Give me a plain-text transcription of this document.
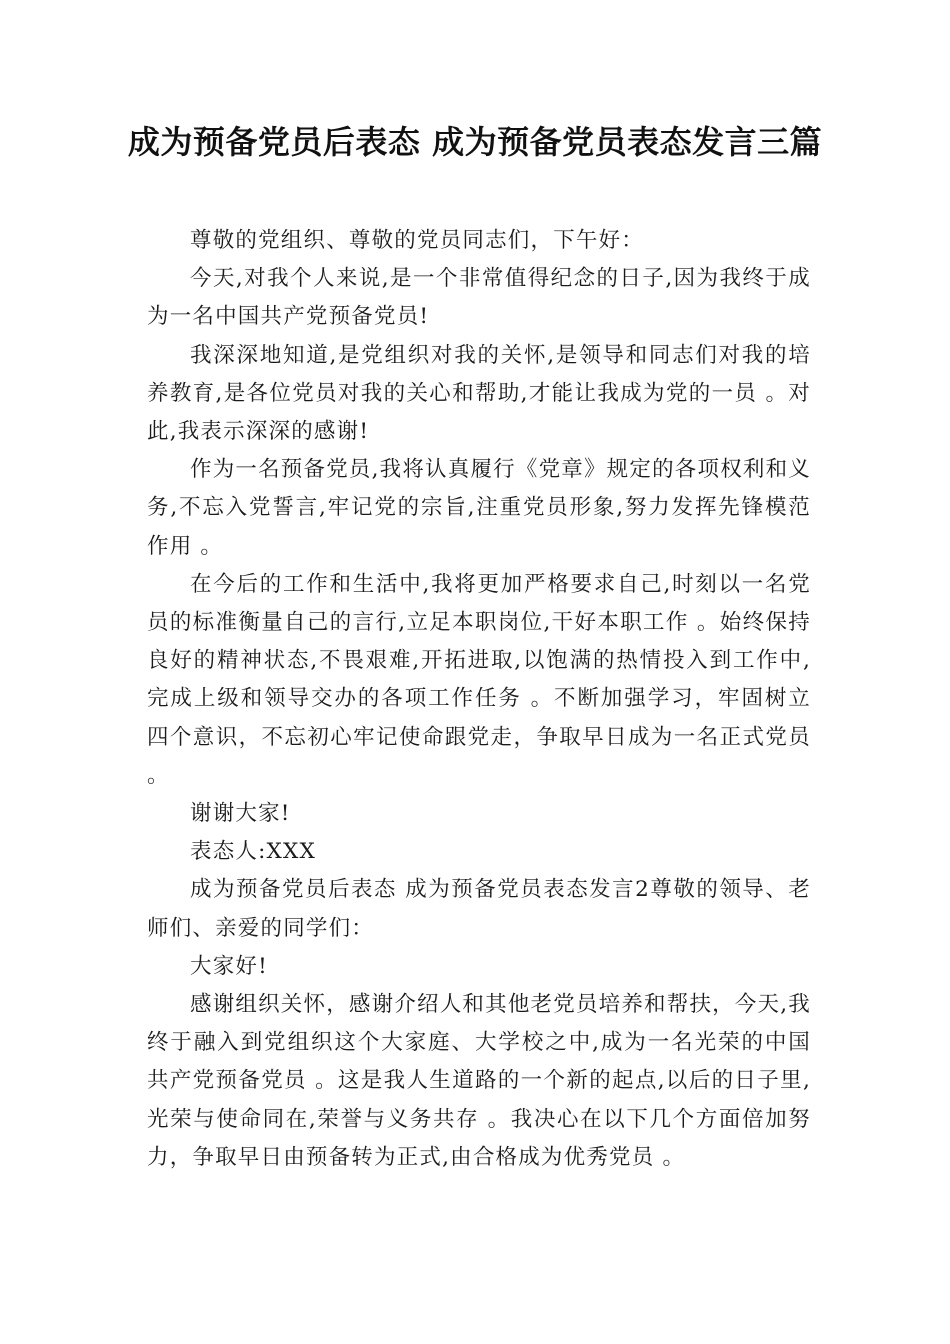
成为预备党员后表态 成为预备党员表态发言三篇

尊敬的党组织、尊敬的党员同志们，下午好：

今天,对我个人来说,是一个非常值得纪念的日子,因为我终于成为一名中国共产党预备党员!

我深深地知道,是党组织对我的关怀,是领导和同志们对我的培养教育,是各位党员对我的关心和帮助,才能让我成为党的一员 。对此,我表示深深的感谢!

作为一名预备党员,我将认真履行《党章》规定的各项权利和义务,不忘入党誓言,牢记党的宗旨,注重党员形象,努力发挥先锋模范作用 。

在今后的工作和生活中,我将更加严格要求自己,时刻以一名党员的标准衡量自己的言行,立足本职岗位,干好本职工作 。始终保持良好的精神状态,不畏艰难,开拓进取,以饱满的热情投入到工作中,完成上级和领导交办的各项工作任务 。不断加强学习，牢固树立四个意识，不忘初心牢记使命跟党走，争取早日成为一名正式党员 。

谢谢大家!

表态人:XXX

成为预备党员后表态 成为预备党员表态发言2尊敬的领导、老师们、亲爱的同学们：

大家好!

感谢组织关怀，感谢介绍人和其他老党员培养和帮扶，今天,我终于融入到党组织这个大家庭、大学校之中,成为一名光荣的中国共产党预备党员 。这是我人生道路的一个新的起点,以后的日子里,光荣与使命同在,荣誉与义务共存 。我决心在以下几个方面倍加努力，争取早日由预备转为正式,由合格成为优秀党员 。
